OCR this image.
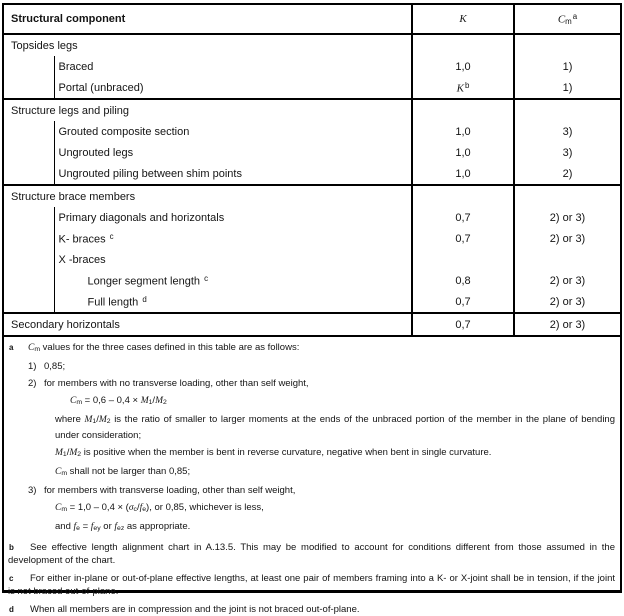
Structural component		K	Cm$^a$
Topsides legs			
	Braced	1,0	1)
	Portal (unbraced)	$K^b$	1)
Structure legs and piling			
	Grouted composite section	1,0	3)
	Ungrouted legs	1,0	3)
	Ungrouted piling between shim points	1,0	2)
Structure brace members			
	Primary diagonals and horizontals	0,7	2) or 3)
	K- braces $^c$	0,7	2) or 3)
	X -braces		
	Longer segment length $^c$	0,8	2) or 3)
	Full length $^d$	0,7	2) or 3)
Secondary horizontals		0,7	2) or 3)
a Cm values for the three cases defined in this table are as follows:
1) 0,85;
2) for members with no transverse loading, other than self weight,
Cm = 0,6 – 0,4 × M1/M2
where M1/M2 is the ratio of smaller to larger moments at the ends of the unbraced portion of the member in the plane of bending under consideration;
M1/M2 is positive when the member is bent in reverse curvature, negative when bent in single curvature.
Cm shall not be larger than 0,85;
3) for members with transverse loading, other than self weight,
Cm = 1,0 – 0,4 × (σc/fe), or 0,85, whichever is less,
and fe = fey or fez as appropriate.
b	See effective length alignment chart in A.13.5. This may be modified to account for conditions different from those assumed in the development of the chart.

c	For either in-plane or out-of-plane effective lengths, at least one pair of members framing into a K- or X-joint shall be in tension, if the joint is not braced out-of-plane.

d	When all members are in compression and the joint is not braced out-of-plane.
